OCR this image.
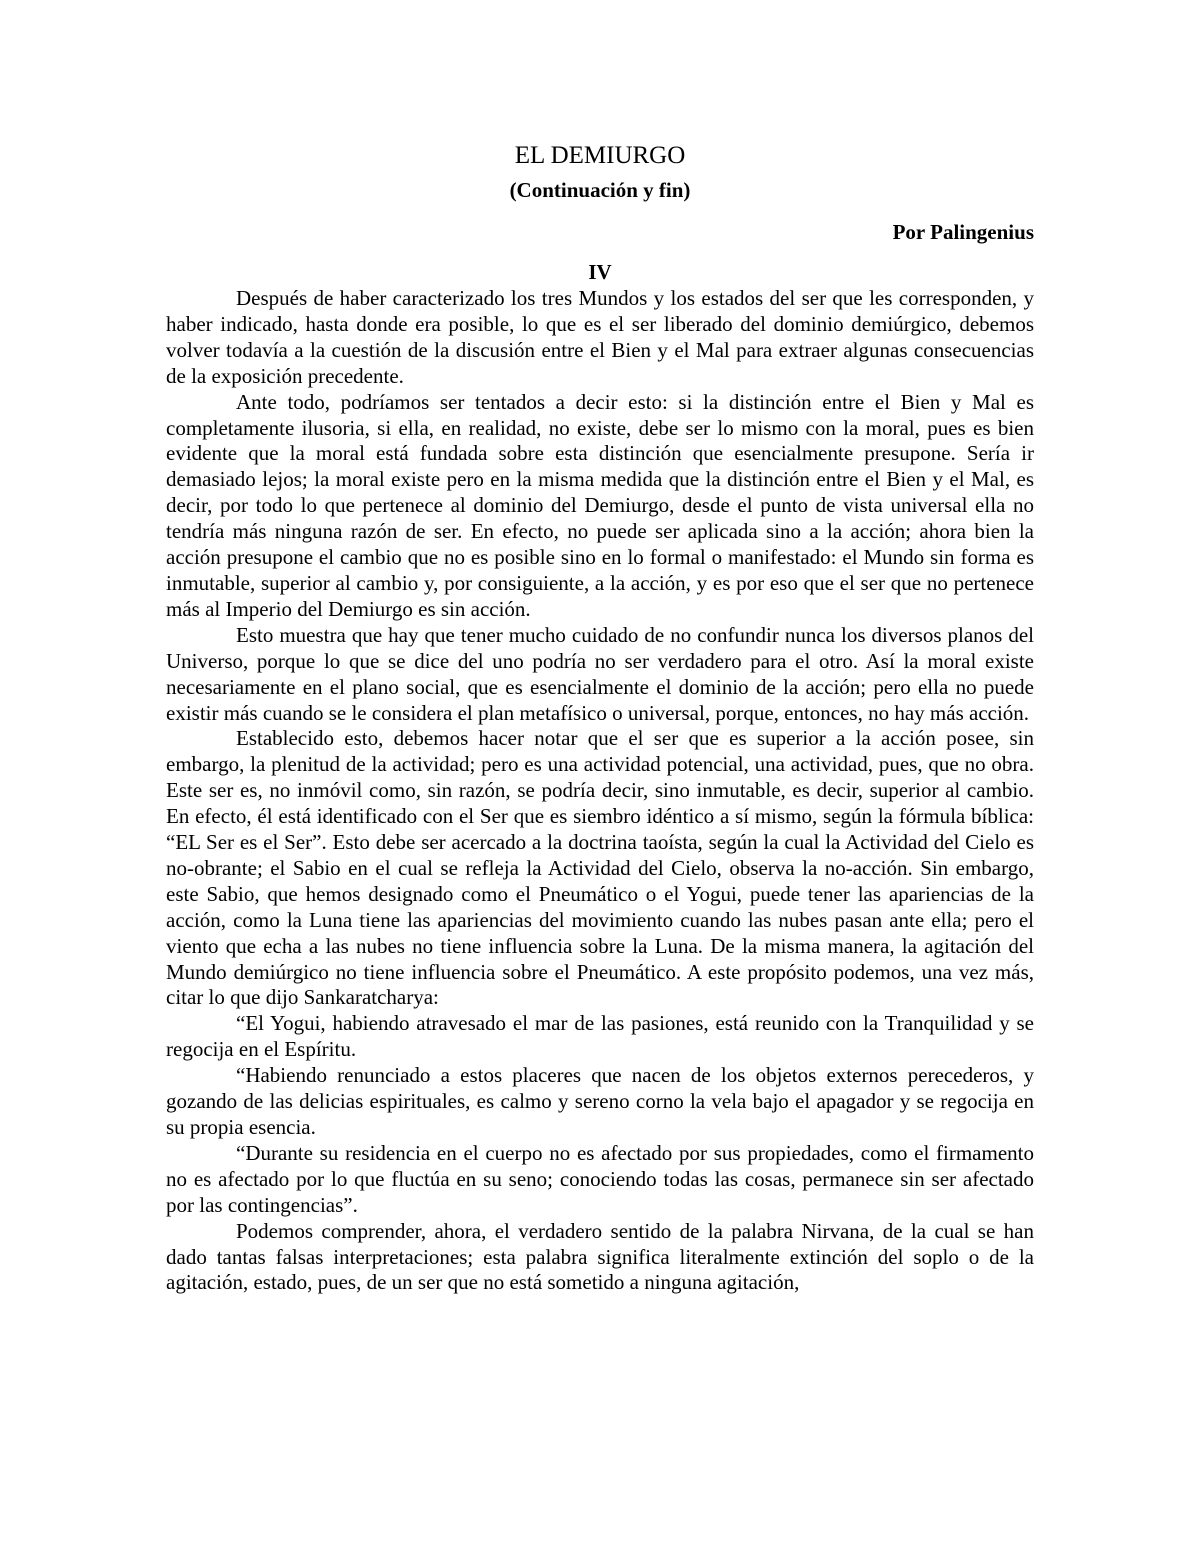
EL DEMIURGO
(Continuación y fin)
Por Palingenius
IV

Después de haber caracterizado los tres Mundos y los estados del ser que les corresponden, y haber indicado, hasta donde era posible, lo que es el ser liberado del dominio demiúrgico, debemos volver todavía a la cuestión de la discusión entre el Bien y el Mal para extraer algunas consecuencias de la exposición precedente.

Ante todo, podríamos ser tentados a decir esto: si la distinción entre el Bien y Mal es completamente ilusoria, si ella, en realidad, no existe, debe ser lo mismo con la moral, pues es bien evidente que la moral está fundada sobre esta distinción que esencialmente presupone. Sería ir demasiado lejos; la moral existe pero en la misma medida que la distinción entre el Bien y el Mal, es decir, por todo lo que pertenece al dominio del Demiurgo, desde el punto de vista universal ella no tendría más ninguna razón de ser. En efecto, no puede ser aplicada sino a la acción; ahora bien la acción presupone el cambio que no es posible sino en lo formal o manifestado: el Mundo sin forma es inmutable, superior al cambio y, por consiguiente, a la acción, y es por eso que el ser que no pertenece más al Imperio del Demiurgo es sin acción.

Esto muestra que hay que tener mucho cuidado de no confundir nunca los diversos planos del Universo, porque lo que se dice del uno podría no ser verdadero para el otro. Así la moral existe necesariamente en el plano social, que es esencialmente el dominio de la acción; pero ella no puede existir más cuando se le considera el plan metafísico o universal, porque, entonces, no hay más acción.

Establecido esto, debemos hacer notar que el ser que es superior a la acción posee, sin embargo, la plenitud de la actividad; pero es una actividad potencial, una actividad, pues, que no obra. Este ser es, no inmóvil como, sin razón, se podría decir, sino inmutable, es decir, superior al cambio. En efecto, él está identificado con el Ser que es siembro idéntico a sí mismo, según la fórmula bíblica: “EL Ser es el Ser”. Esto debe ser acercado a la doctrina taoísta, según la cual la Actividad del Cielo es no-obrante; el Sabio en el cual se refleja la Actividad del Cielo, observa la no-acción. Sin embargo, este Sabio, que hemos designado como el Pneumático o el Yogui, puede tener las apariencias de la acción, como la Luna tiene las apariencias del movimiento cuando las nubes pasan ante ella; pero el viento que echa a las nubes no tiene influencia sobre la Luna. De la misma manera, la agitación del Mundo demiúrgico no tiene influencia sobre el Pneumático. A este propósito podemos, una vez más, citar lo que dijo Sankaratcharya:

“El Yogui, habiendo atravesado el mar de las pasiones, está reunido con la Tranquilidad y se regocija en el Espíritu.

“Habiendo renunciado a estos placeres que nacen de los objetos externos perecederos, y gozando de las delicias espirituales, es calmo y sereno corno la vela bajo el apagador y se regocija en su propia esencia.

“Durante su residencia en el cuerpo no es afectado por sus propiedades, como el firmamento no es afectado por lo que fluctúa en su seno; conociendo todas las cosas, permanece sin ser afectado por las contingencias”.

Podemos comprender, ahora, el verdadero sentido de la palabra Nirvana, de la cual se han dado tantas falsas interpretaciones; esta palabra significa literalmente extinción del soplo o de la agitación, estado, pues, de un ser que no está sometido a ninguna agitación,
